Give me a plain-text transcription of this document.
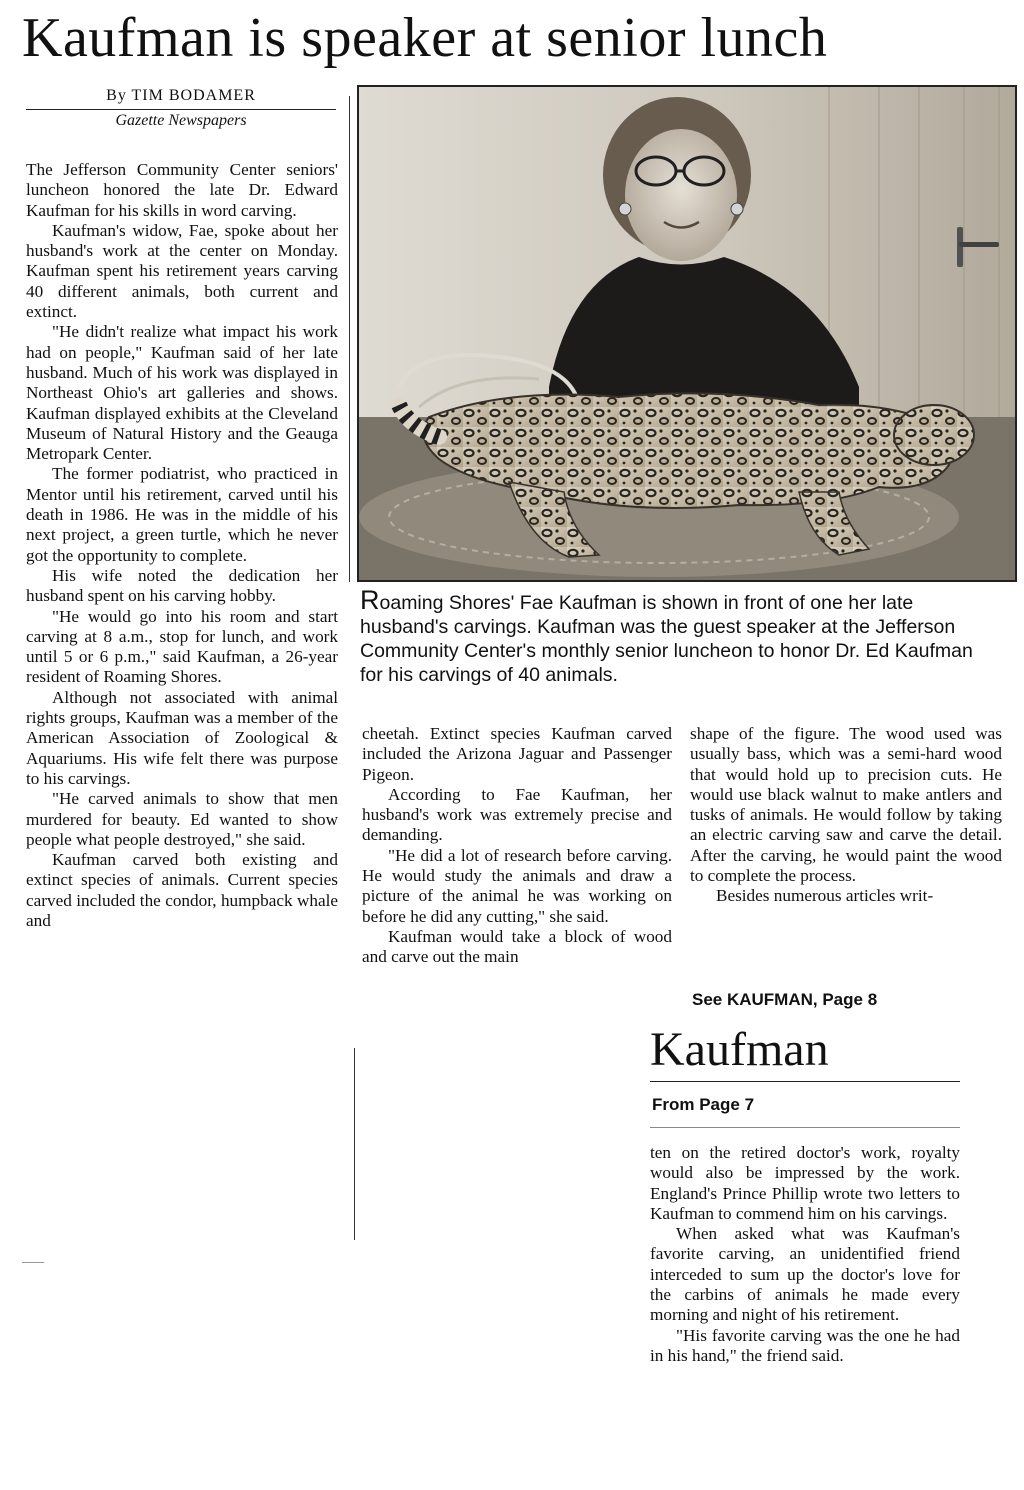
Kaufman is speaker at senior lunch
By TIM BODAMER
Gazette Newspapers

The Jefferson Community Center seniors' luncheon honored the late Dr. Edward Kaufman for his skills in word carving.

Kaufman's widow, Fae, spoke about her husband's work at the center on Monday. Kaufman spent his retirement years carving 40 different animals, both current and extinct.

"He didn't realize what impact his work had on people," Kaufman said of her late husband. Much of his work was displayed in Northeast Ohio's art galleries and shows. Kaufman displayed exhibits at the Cleveland Museum of Natural History and the Geauga Metropark Center.

The former podiatrist, who practiced in Mentor until his retirement, carved until his death in 1986. He was in the middle of his next project, a green turtle, which he never got the opportunity to complete.

His wife noted the dedication her husband spent on his carving hobby.

"He would go into his room and start carving at 8 a.m., stop for lunch, and work until 5 or 6 p.m.," said Kaufman, a 26-year resident of Roaming Shores.

Although not associated with animal rights groups, Kaufman was a member of the American Association of Zoological & Aquariums. His wife felt there was purpose to his carvings.

"He carved animals to show that men murdered for beauty. Ed wanted to show people what people destroyed," she said.

Kaufman carved both existing and extinct species of animals. Current species carved included the condor, humpback whale and

Roaming Shores' Fae Kaufman is shown in front of one her late husband's carvings. Kaufman was the guest speaker at the Jefferson Community Center's monthly senior luncheon to honor Dr. Ed Kaufman for his carvings of 40 animals.

cheetah. Extinct species Kaufman carved included the Arizona Jaguar and Passenger Pigeon.

According to Fae Kaufman, her husband's work was extremely precise and demanding.

"He did a lot of research before carving. He would study the animals and draw a picture of the animal he was working on before he did any cutting," she said.

Kaufman would take a block of wood and carve out the main

shape of the figure. The wood used was usually bass, which was a semi-hard wood that would hold up to precision cuts. He would use black walnut to make antlers and tusks of animals. He would follow by taking an electric carving saw and carve the detail. After the carving, he would paint the wood to complete the process.

Besides numerous articles writ-

See KAUFMAN, Page 8
Kaufman
From Page 7

ten on the retired doctor's work, royalty would also be impressed by the work. England's Prince Phillip wrote two letters to Kaufman to commend him on his carvings.

When asked what was Kaufman's favorite carving, an unidentified friend interceded to sum up the doctor's love for the carbins of animals he made every morning and night of his retirement.

"His favorite carving was the one he had in his hand," the friend said.
